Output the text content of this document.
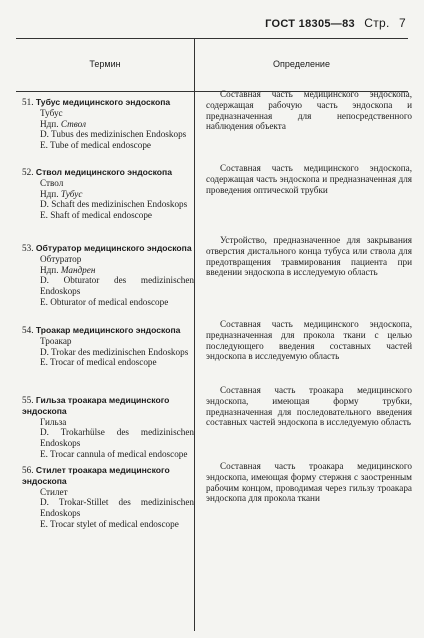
ГОСТ 18305—83 Стр. 7
Термин	Определение
51. Тубус медицинского эндоскопа
Тубус
Ндп. Ствол
D. Tubus des medizinischen Endoskops
E. Tube of medical endoscope
Составная часть медицинского эндоскопа, содержащая рабочую часть эндоскопа и предназначенная для непосредственного наблюдения объекта
52. Ствол медицинского эндоскопа
Ствол
Ндп. Тубус
D. Schaft des medizinischen Endoskops
E. Shaft of medical endoscope
Составная часть медицинского эндоскопа, содержащая часть эндоскопа и предназначенная для проведения оптической трубки
53. Обтуратор медицинского эндоскопа
Обтуратор
Ндп. Мандрен
D. Obturator des medizinischen Endoskops
E. Obturator of medical endoscope
Устройство, предназначенное для закрывания отверстия дистального конца тубуса или ствола для предотвращения травмирования пациента при введении эндоскопа в исследуемую область
54. Троакар медицинского эндоскопа
Троакар
D. Trokar des medizinischen Endoskops
E. Trocar of medical endoscope
Составная часть медицинского эндоскопа, предназначенная для прокола ткани с целью последующего введения составных частей эндоскопа в исследуемую область
55. Гильза троакара медицинского эндоскопа
Гильза
D. Trokarhülse des medizinischen Endoskops
E. Trocar cannula of medical endoscope
Составная часть троакара медицинского эндоскопа, имеющая форму трубки, предназначенная для последовательного введения составных частей эндоскопа в исследуемую область
56. Стилет троакара медицинского эндоскопа
Стилет
D. Trokar-Stillet des medizinischen Endoskops
E. Trocar stylet of medical endoscope
Составная часть троакара медицинского эндоскопа, имеющая форму стержня с заостренным рабочим концом, проводимая через гильзу троакара эндоскопа для прокола ткани
